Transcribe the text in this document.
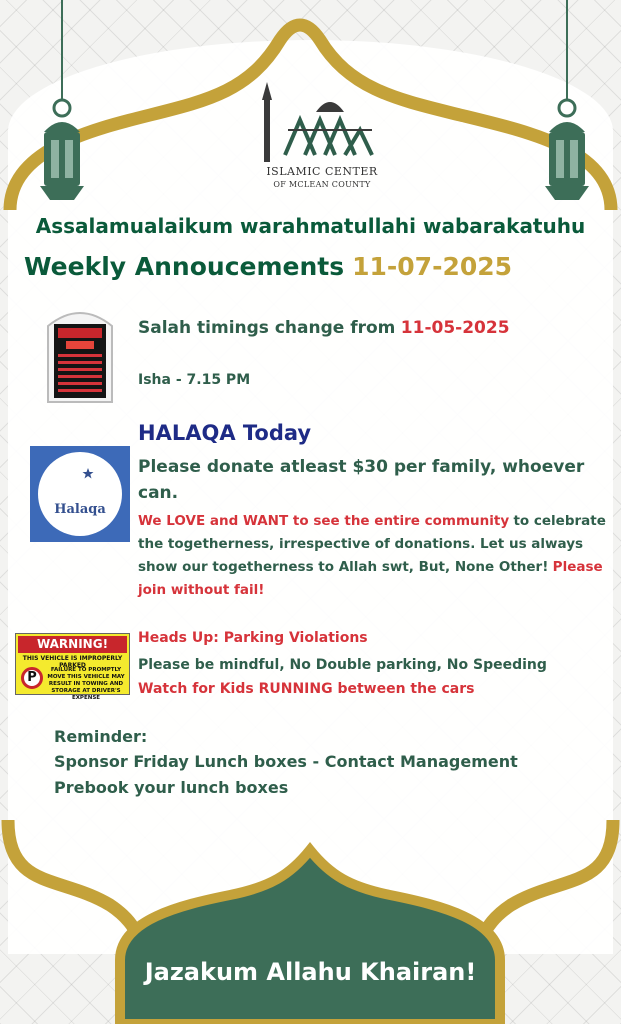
ISLAMIC CENTER
OF MCLEAN COUNTY
Assalamualaikum warahmatullahi wabarakatuhu
Weekly Annoucements 11-07-2025
Salah timings change from 11-05-2025
Isha - 7.15 PM
HALAQA Today
Halaqa
Please donate atleast $30 per family, whoever can.
We LOVE and WANT to see the entire community to celebrate the togetherness, irrespective of donations. Let us always show our togetherness to Allah swt, But, None Other! Please join without fail!
WARNING!
THIS VEHICLE IS IMPROPERLY PARKED
P	FAILURE TO PROMPTLY MOVE THIS VEHICLE MAY RESULT IN TOWING AND STORAGE AT DRIVER'S EXPENSE
Heads Up: Parking Violations
Please be mindful, No Double parking, No Speeding
Watch for Kids RUNNING between the cars
Reminder:
Sponsor Friday Lunch boxes - Contact Management
Prebook your lunch boxes
Jazakum Allahu Khairan!
